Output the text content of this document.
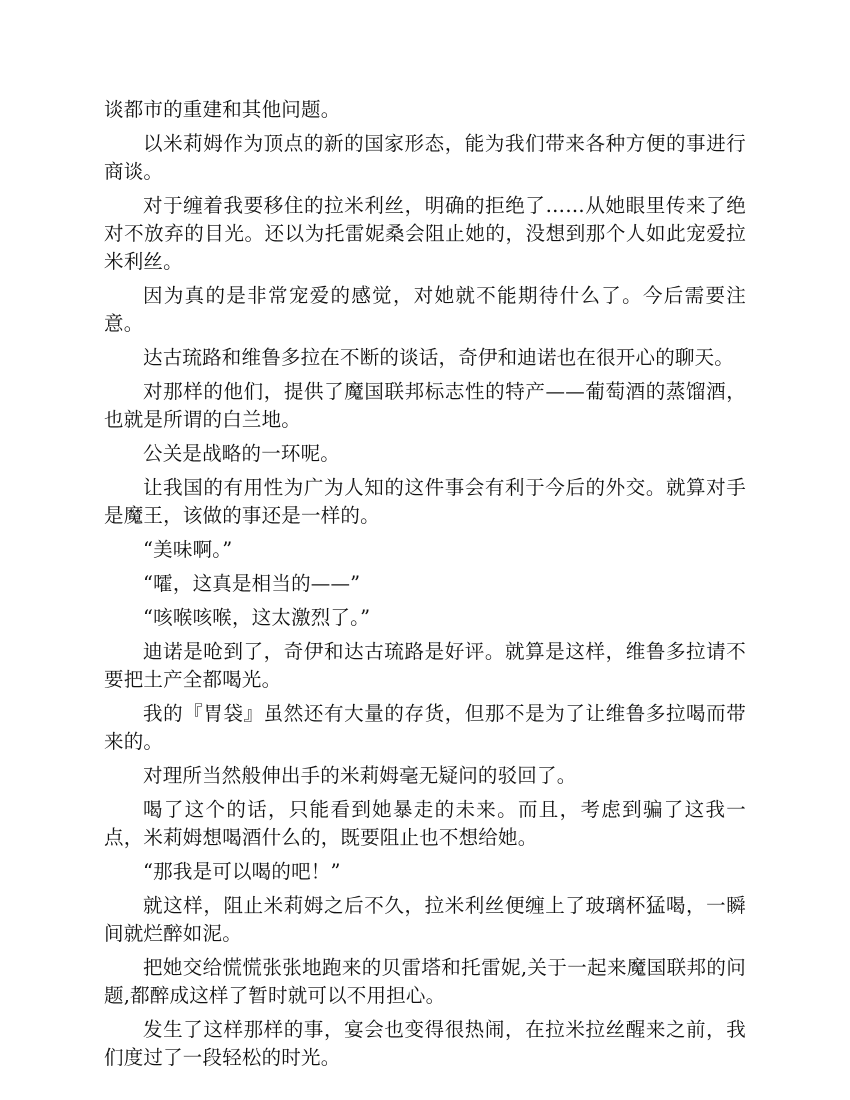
谈都市的重建和其他问题。

以米莉姆作为顶点的新的国家形态，能为我们带来各种方便的事进行商谈。

对于缠着我要移住的拉米利丝，明确的拒绝了……从她眼里传来了绝对不放弃的目光。还以为托雷妮桑会阻止她的，没想到那个人如此宠爱拉米利丝。

因为真的是非常宠爱的感觉，对她就不能期待什么了。今后需要注意。

达古琉路和维鲁多拉在不断的谈话，奇伊和迪诺也在很开心的聊天。

对那样的他们，提供了魔国联邦标志性的特产——葡萄酒的蒸馏酒，也就是所谓的白兰地。

公关是战略的一环呢。

让我国的有用性为广为人知的这件事会有利于今后的外交。就算对手是魔王，该做的事还是一样的。

“美味啊。”

“嚯，这真是相当的——”

“咳喉咳喉，这太激烈了。”

迪诺是呛到了，奇伊和达古琉路是好评。就算是这样，维鲁多拉请不要把土产全都喝光。

我的『胃袋』虽然还有大量的存货，但那不是为了让维鲁多拉喝而带来的。

对理所当然般伸出手的米莉姆毫无疑问的驳回了。

喝了这个的话，只能看到她暴走的未来。而且，考虑到骗了这我一点，米莉姆想喝酒什么的，既要阻止也不想给她。

“那我是可以喝的吧！”

就这样，阻止米莉姆之后不久，拉米利丝便缠上了玻璃杯猛喝，一瞬间就烂醉如泥。

把她交给慌慌张张地跑来的贝雷塔和托雷妮,关于一起来魔国联邦的问题,都醉成这样了暂时就可以不用担心。

发生了这样那样的事，宴会也变得很热闹，在拉米拉丝醒来之前，我们度过了一段轻松的时光。
